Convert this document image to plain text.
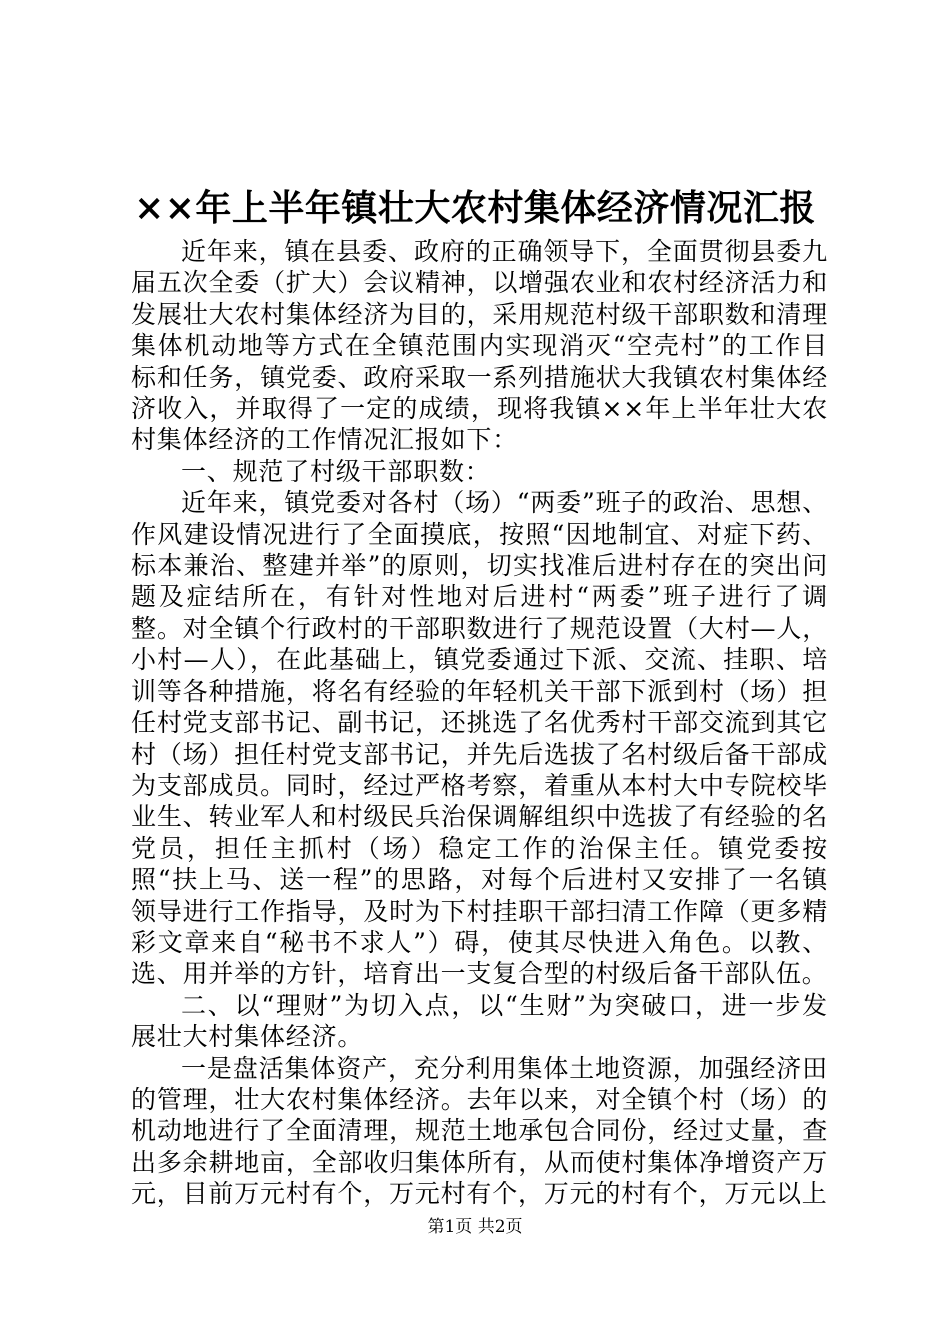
××年上半年镇壮大农村集体经济情况汇报

近年来，镇在县委、政府的正确领导下，全面贯彻县委九届五次全委（扩大）会议精神，以增强农业和农村经济活力和发展壮大农村集体经济为目的，采用规范村级干部职数和清理集体机动地等方式在全镇范围内实现消灭“空壳村”的工作目标和任务，镇党委、政府采取一系列措施状大我镇农村集体经济收入，并取得了一定的成绩，现将我镇××年上半年壮大农村集体经济的工作情况汇报如下：

一、规范了村级干部职数：

近年来，镇党委对各村（场）“两委”班子的政治、思想、作风建设情况进行了全面摸底，按照“因地制宜、对症下药、标本兼治、整建并举”的原则，切实找准后进村存在的突出问题及症结所在，有针对性地对后进村“两委”班子进行了调整。对全镇个行政村的干部职数进行了规范设置（大村—人，小村—人），在此基础上，镇党委通过下派、交流、挂职、培训等各种措施，将名有经验的年轻机关干部下派到村（场）担任村党支部书记、副书记，还挑选了名优秀村干部交流到其它村（场）担任村党支部书记，并先后选拔了名村级后备干部成为支部成员。同时，经过严格考察，着重从本村大中专院校毕业生、转业军人和村级民兵治保调解组织中选拔了有经验的名党员，担任主抓村（场）稳定工作的治保主任。镇党委按照“扶上马、送一程”的思路，对每个后进村又安排了一名镇领导进行工作指导，及时为下村挂职干部扫清工作障（更多精彩文章来自“秘书不求人”）碍，使其尽快进入角色。以教、选、用并举的方针，培育出一支复合型的村级后备干部队伍。

二、以“理财”为切入点，以“生财”为突破口，进一步发展壮大村集体经济。

一是盘活集体资产，充分利用集体土地资源，加强经济田的管理，壮大农村集体经济。去年以来，对全镇个村（场）的机动地进行了全面清理，规范土地承包合同份，经过丈量，查出多余耕地亩，全部收归集体所有，从而使村集体净增资产万元，目前万元村有个，万元村有个，万元的村有个，万元以上

第1页 共2页
